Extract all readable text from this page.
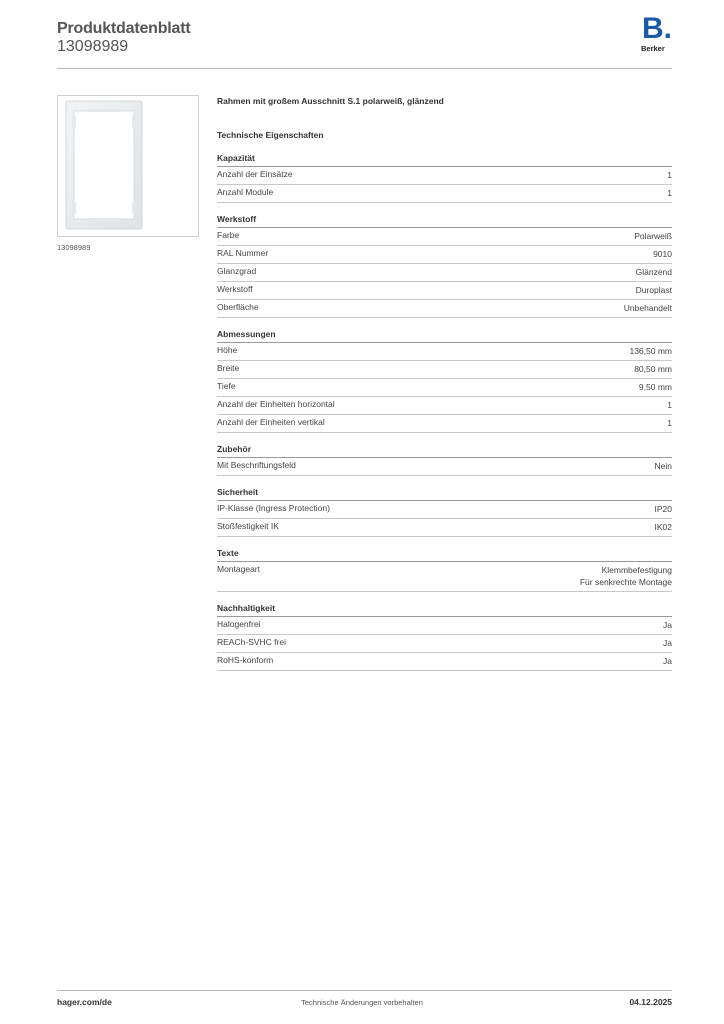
Produktdatenblatt
13098989
B.
Berker
13098989
Rahmen mit großem Ausschnitt S.1 polarweiß, glänzend
Technische Eigenschaften
Kapazität
Anzahl der Einsätze	1
Anzahl Module	1
Werkstoff
Farbe	Polarweiß
RAL Nummer	9010
Glanzgrad	Glänzend
Werkstoff	Duroplast
Oberfläche	Unbehandelt
Abmessungen
Höhe	136,50 mm
Breite	80,50 mm
Tiefe	9,50 mm
Anzahl der Einheiten horizontal	1
Anzahl der Einheiten vertikal	1
Zubehör
Mit Beschriftungsfeld	Nein
Sicherheit
IP-Klasse (Ingress Protection)	IP20
Stoßfestigkeit IK	IK02
Texte
Montageart	Klemmbefestigung
Für senkrechte Montage
Nachhaltigkeit
Halogenfrei	Ja
REACh-SVHC frei	Ja
RoHS-konform	Ja
hager.com/de	Technische Änderungen vorbehalten	04.12.2025
